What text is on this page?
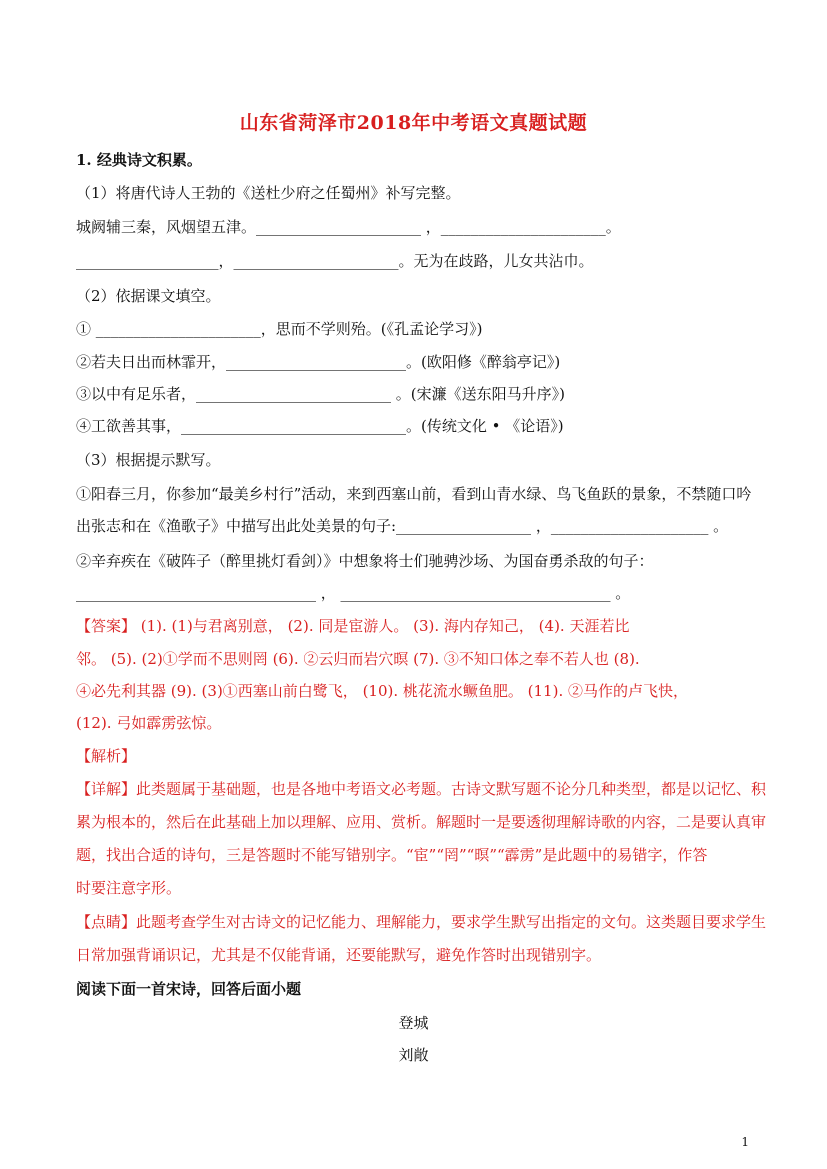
山东省菏泽市2018年中考语文真题试题
1. 经典诗文积累。
（1）将唐代诗人王勃的《送杜少府之任蜀州》补写完整。
城阙辅三秦，风烟望五津。______________________ ，______________________。
___________________，______________________。无为在歧路，儿女共沾巾。
（2）依据课文填空。
① ______________________，思而不学则殆。(《孔孟论学习》)
②若夫日出而林霏开，________________________。(欧阳修《醉翁亭记》)
③以中有足乐者，__________________________ 。(宋濂《送东阳马升序》)
④工欲善其事，______________________________。(传统文化 • 《论语》)
（3）根据提示默写。
①阳春三月，你参加“最美乡村行”活动，来到西塞山前，看到山青水绿、鸟飞鱼跃的景象，不禁随口吟
出张志和在《渔歌子》中描写出此处美景的句子:__________________ ，_____________________ 。
②辛弃疾在《破阵子（醉里挑灯看剑）》中想象将士们驰骋沙场、为国奋勇杀敌的句子：
________________________________ ， ____________________________________ 。
【答案】 (1). (1)与君离别意， (2). 同是宦游人。 (3). 海内存知己， (4). 天涯若比
邻。 (5). (2)①学而不思则罔 (6). ②云归而岩穴暝 (7). ③不知口体之奉不若人也 (8).
④必先利其器 (9). (3)①西塞山前白鹭飞， (10). 桃花流水鳜鱼肥。 (11). ②马作的卢飞快，
(12). 弓如霹雳弦惊。
【解析】
【详解】此类题属于基础题，也是各地中考语文必考题。古诗文默写题不论分几种类型，都是以记忆、积
累为根本的，然后在此基础上加以理解、应用、赏析。解题时一是要透彻理解诗歌的内容，二是要认真审
题，找出合适的诗句，三是答题时不能写错别字。“宦”“罔”“暝”“霹雳”是此题中的易错字，作答
时要注意字形。
【点睛】此题考查学生对古诗文的记忆能力、理解能力，要求学生默写出指定的文句。这类题目要求学生
日常加强背诵识记，尤其是不仅能背诵，还要能默写，避免作答时出现错别字。
阅读下面一首宋诗，回答后面小题
登城
刘敞
1
